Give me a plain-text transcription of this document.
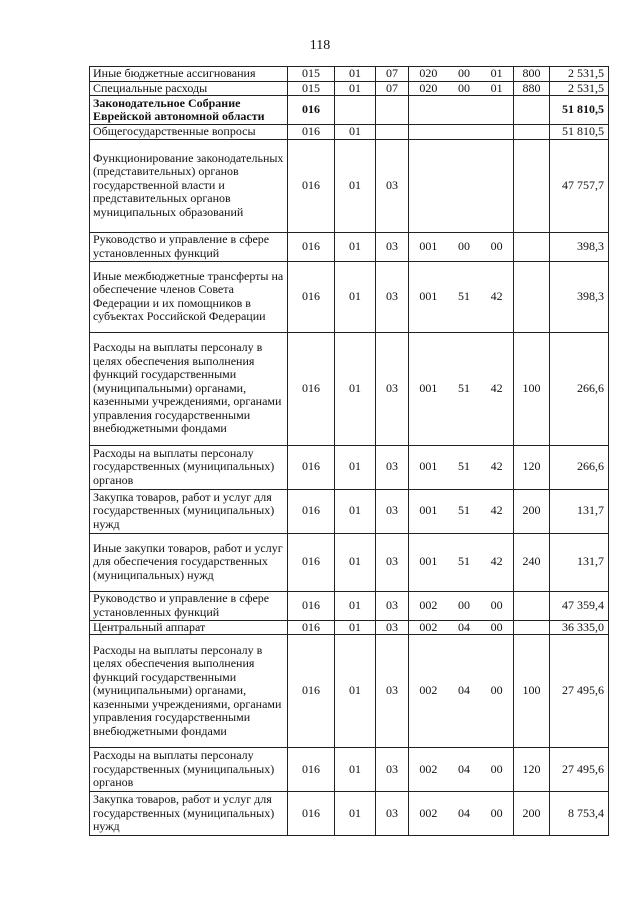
118
Иные бюджетные ассигнования	015	01	07	020 00 01	800	2 531,5
Специальные расходы	015	01	07	020 00 01	880	2 531,5
Законодательное Собрание Еврейской автономной области	016					51 810,5
Общегосударственные вопросы	016	01				51 810,5
Функционирование законодательных (представительных) органов государственной власти и представительных органов муниципальных образований	016	01	03			47 757,7
Руководство и управление в сфере установленных функций	016	01	03	001 00 00		398,3
Иные межбюджетные трансферты на обеспечение членов Совета Федерации и их помощников в субъектах Российской Федерации	016	01	03	001 51 42		398,3
Расходы на выплаты персоналу в целях обеспечения выполнения функций государственными (муниципальными) органами, казенными учреждениями, органами управления государственными внебюджетными фондами	016	01	03	001 51 42	100	266,6
Расходы на выплаты персоналу государственных (муниципальных) органов	016	01	03	001 51 42	120	266,6
Закупка товаров, работ и услуг для государственных (муниципальных) нужд	016	01	03	001 51 42	200	131,7
Иные закупки товаров, работ и услуг для обеспечения государственных (муниципальных) нужд	016	01	03	001 51 42	240	131,7
Руководство и управление в сфере установленных функций	016	01	03	002 00 00		47 359,4
Центральный аппарат	016	01	03	002 04 00		36 335,0
Расходы на выплаты персоналу в целях обеспечения выполнения функций государственными (муниципальными) органами, казенными учреждениями, органами управления государственными внебюджетными фондами	016	01	03	002 04 00	100	27 495,6
Расходы на выплаты персоналу государственных (муниципальных) органов	016	01	03	002 04 00	120	27 495,6
Закупка товаров, работ и услуг для государственных (муниципальных) нужд	016	01	03	002 04 00	200	8 753,4
